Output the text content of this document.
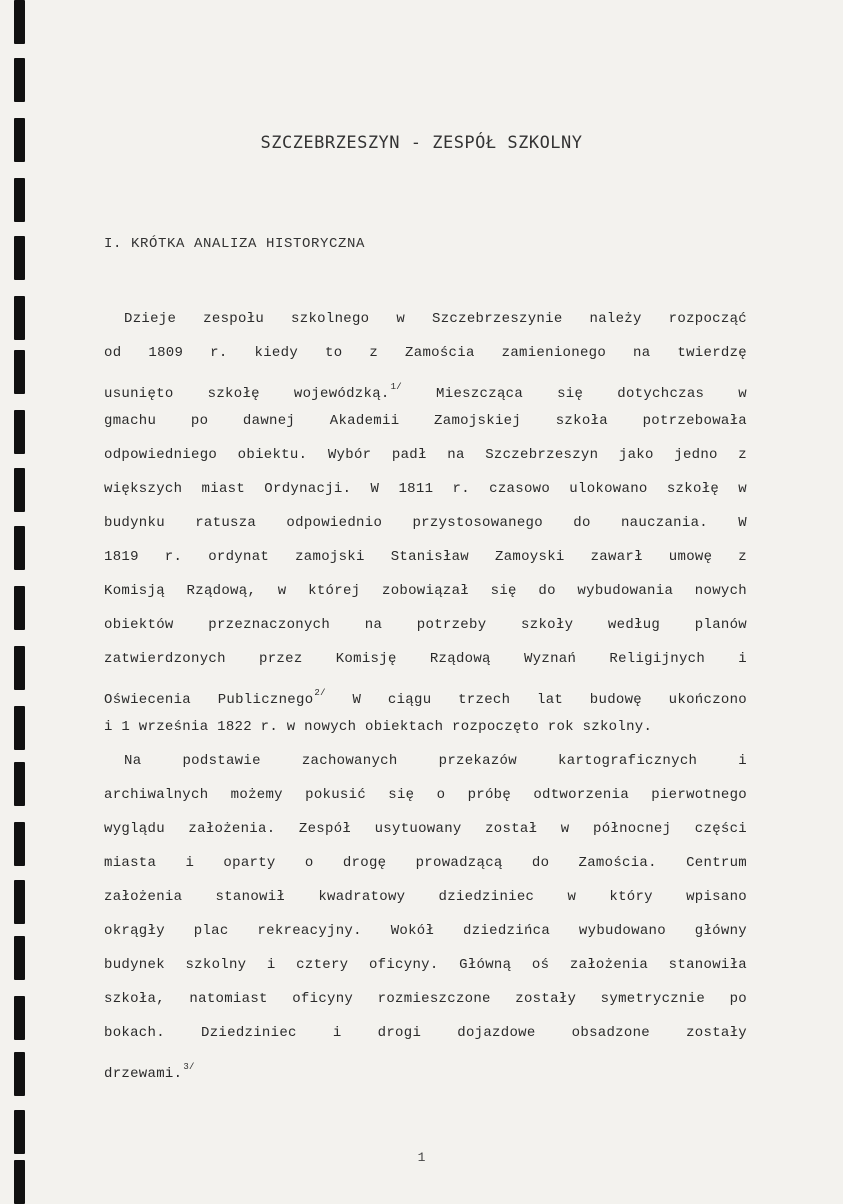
SZCZEBRZESZYN - ZESPÓŁ SZKOLNY
I. KRÓTKA ANALIZA HISTORYCZNA
Dzieje zespołu szkolnego w Szczebrzeszynie należy rozpocząć
od 1809 r. kiedy to z Zamościa zamienionego na twierdzę
usunięto szkołę wojewódzką.$^{1/}$ Mieszcząca się dotychczas w
gmachu po dawnej Akademii Zamojskiej szkoła potrzebowała
odpowiedniego obiektu. Wybór padł na Szczebrzeszyn jako jedno z
większych miast Ordynacji. W 1811 r. czasowo ulokowano szkołę w
budynku ratusza odpowiednio przystosowanego do nauczania. W
1819 r. ordynat zamojski Stanisław Zamoyski zawarł umowę z
Komisją Rządową, w której zobowiązał się do wybudowania nowych
obiektów przeznaczonych na potrzeby szkoły według planów
zatwierdzonych przez Komisję Rządową Wyznań Religijnych i
Oświecenia Publicznego$^{2/}$ W ciągu trzech lat budowę ukończono
i 1 września 1822 r. w nowych obiektach rozpoczęto rok szkolny.
Na podstawie zachowanych przekazów kartograficznych i
archiwalnych możemy pokusić się o próbę odtworzenia pierwotnego
wyglądu założenia. Zespół usytuowany został w północnej części
miasta i oparty o drogę prowadzącą do Zamościa. Centrum
założenia stanowił kwadratowy dziedziniec w który wpisano
okrągły plac rekreacyjny. Wokół dziedzińca wybudowano główny
budynek szkolny i cztery oficyny. Główną oś założenia stanowiła
szkoła, natomiast oficyny rozmieszczone zostały symetrycznie po
bokach. Dziedziniec i drogi dojazdowe obsadzone zostały
drzewami.$^{3/}$
1
